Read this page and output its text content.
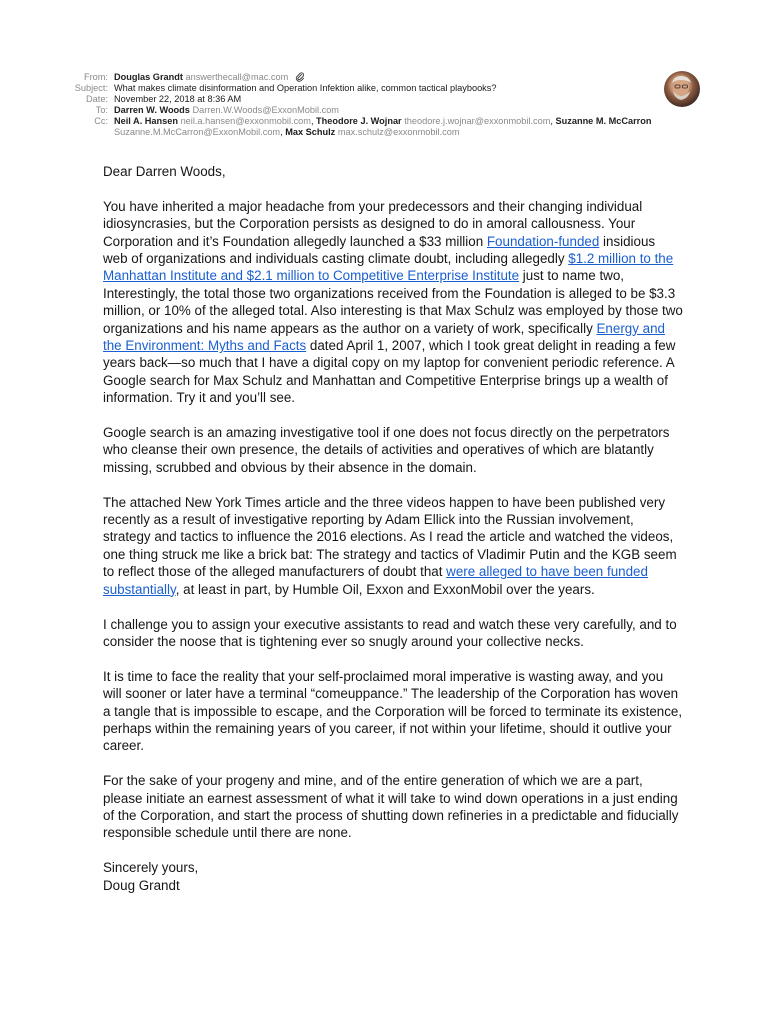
From: Douglas Grandt answerthecall@mac.com
Subject: What makes climate disinformation and Operation Infektion alike, common tactical playbooks?
Date: November 22, 2018 at 8:36 AM
To: Darren W. Woods Darren.W.Woods@ExxonMobil.com
Cc: Neil A. Hansen neil.a.hansen@exxonmobil.com, Theodore J. Wojnar theodore.j.wojnar@exxonmobil.com, Suzanne M. McCarron
Suzanne.M.McCarron@ExxonMobil.com , Max Schulz
max.schulz@exxonmobil.com

Dear Darren Woods,

You have inherited a major headache from your predecessors and their changing individual idiosyncrasies, but the Corporation persists as designed to do in amoral callousness. Your Corporation and it’s Foundation allegedly launched a $33 million Foundation-funded insidious web of organizations and individuals casting climate doubt, including allegedly $1.2 million to the Manhattan Institute and $2.1 million to Competitive Enterprise Institute just to name two, Interestingly, the total those two organizations received from the Foundation is alleged to be $3.3 million, or 10% of the alleged total. Also interesting is that Max Schulz was employed by those two organizations and his name appears as the author on a variety of work, specifically Energy and the Environment: Myths and Facts dated April 1, 2007, which I took great delight in reading a few years back—so much that I have a digital copy on my laptop for convenient periodic reference. A Google search for Max Schulz and Manhattan and Competitive Enterprise brings up a wealth of information. Try it and you’ll see.

Google search is an amazing investigative tool if one does not focus directly on the perpetrators who cleanse their own presence, the details of activities and operatives of which are blatantly missing, scrubbed and obvious by their absence in the domain.

The attached New York Times article and the three videos happen to have been published very recently as a result of investigative reporting by Adam Ellick into the Russian involvement, strategy and tactics to influence the 2016 elections. As I read the article and watched the videos, one thing struck me like a brick bat: The strategy and tactics of Vladimir Putin and the KGB seem to reflect those of the alleged manufacturers of doubt that were alleged to have been funded substantially, at least in part, by Humble Oil, Exxon and ExxonMobil over the years.

I challenge you to assign your executive assistants to read and watch these very carefully, and to consider the noose that is tightening ever so snugly around your collective necks.

It is time to face the reality that your self-proclaimed moral imperative is wasting away, and you will sooner or later have a terminal “comeuppance.” The leadership of the Corporation has woven a tangle that is impossible to escape, and the Corporation will be forced to terminate its existence, perhaps within the remaining years of you career, if not within your lifetime, should it outlive your career.

For the sake of your progeny and mine, and of the entire generation of which we are a part, please initiate an earnest assessment of what it will take to wind down operations in a just ending of the Corporation, and start the process of shutting down refineries in a predictable and fiducially responsible schedule until there are none.

Sincerely yours,
Doug Grandt
